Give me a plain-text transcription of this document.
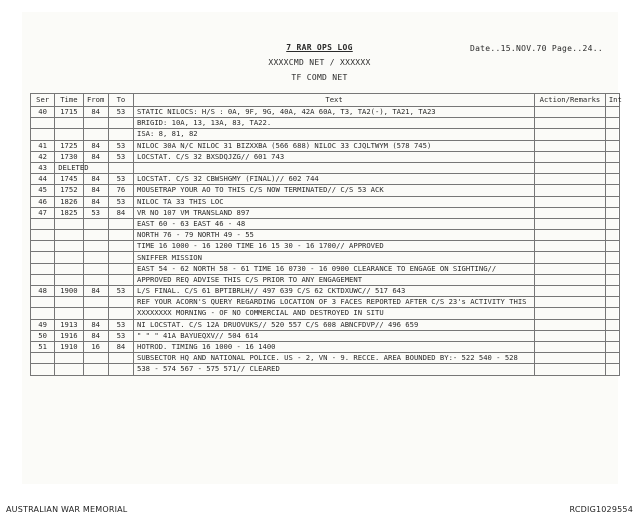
7 RAR OPS LOG
XXXXCMD NET / XXXXXX
TF COMD NET
Date..15.NOV.70 Page..24..
Ser	Time	From	To	Text	Action/Remarks	Int
40	1715	84	53	STATIC NILOCS: H/S : 0A, 9F, 9G, 40A, 42A 60A, T3, TA2(-), TA21, TA23		
				BRIGID: 10A, 13, 13A, 83, TA22.		
				ISA: 8, 81, 82		
41	1725	84	53	NILOC 30A N/C NILOC 31 BIZXXBA (566 688) NILOC 33 CJQLTWYM (578 745)		
42	1730	84	53	LOCSTAT. C/S 32 BXSDQJZG// 601 743		
43	DELETED					
44	1745	84	53	LOCSTAT. C/S 32 CBWSHGMY (FINAL)// 602 744		
45	1752	84	76	MOUSETRAP YOUR AO TO THIS C/S NOW TERMINATED// C/S 53 ACK		
46	1826	84	53	NILOC TA 33 THIS LOC		
47	1825	53	84	VR NO 107 VM TRANSLAND 897		
				EAST 60 - 63 EAST 46 - 48		
				NORTH 76 - 79 NORTH 49 - 55		
				TIME 16 1000 - 16 1200 TIME 16 15 30 - 16 1700// APPROVED		
				SNIFFER MISSION		
				EAST 54 - 62 NORTH 58 - 61 TIME 16 0730 - 16 0900 CLEARANCE TO ENGAGE ON SIGHTING//		
				APPROVED REQ ADVISE THIS C/S PRIOR TO ANY ENGAGEMENT		
48	1900	84	53	L/S FINAL. C/S 61 BPTIBRLH// 497 639 C/S 62 CKTDXUWC// 517 643		
				REF YOUR ACORN'S QUERY REGARDING LOCATION OF 3 FACES REPORTED AFTER C/S 23's ACTIVITY THIS		
				XXXXXXXX MORNING - OF NO COMMERCIAL AND DESTROYED IN SITU		
49	1913	84	53	NI LOCSTAT. C/S 12A DRUOVUKS// 520 557 C/S 608 ABNCFDVP// 496 659		
50	1916	84	53	" " " 41A BAYUEQXV// 504 614		
51	1910	16	84	HOTROD. TIMING 16 1000 - 16 1400		
				SUBSECTOR HQ AND NATIONAL POLICE. US - 2, VN - 9. RECCE. AREA BOUNDED BY:- 522 540 - 528		
				538 - 574 567 - 575 571// CLEARED		
AUSTRALIAN WAR MEMORIAL	RCDIG1029554
